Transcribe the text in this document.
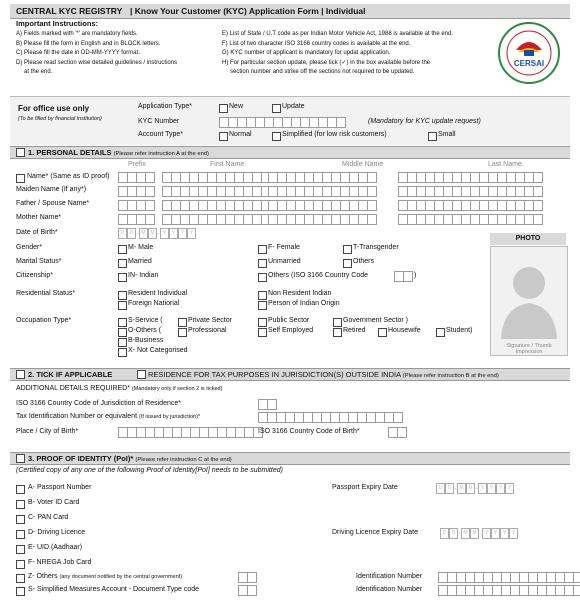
CENTRAL KYC REGISTRY | Know Your Customer (KYC) Application Form | Individual
CERSAI
Important Instructions:
A) Fields marked with '*' are mandatory fields.
B) Please fill the form in English and in BLOCK letters.
C) Please fill the date in DD-MM-YYYY format.
D) Please read section wise detailed guidelines / instructions
at the end.
E) List of State / U.T code as per Indian Motor Vehicle Act, 1988 is available at the end.
F) List of two character ISO 3166 country codes is available at the end.
G) KYC number of applicant is mandatory for updat application.
H) For particular section update, please tick (✓) in the box available before the
section number and strike off the sections not required to be updated.
For office use only
(To be filled by financial institution)
Application Type*	New	Update
KYC Number	(Mandatory for KYC update request)
Account Type*	Normal	Simplified (for low risk customers)	Small
1. PERSONAL DETAILS (Please refer instruction A at the end)
Prefix	First Name	Middle Name	Last Name
Name* (Same as ID proof)
Maiden Name (If any*)
Father / Spouse Name*
Mother Name*
Date of Birth*	D	D - M M - Y	Y	Y	Y
PHOTO
Signature / Thumb Impression
Gender*	M- Male	F- Female	T-Transgender
Marital Status*	Married	Unmarried	Others
Citizenship*	IN- Indian	Others (ISO 3166 Country Code	)
Residential Status*	Resident Individual	Non Resident Indian
Foreign National	Person of Indian Origin
Occupation Type*	S-Service (	Private Sector	Public Sector	Government Sector )
O-Others (	Professional	Self Employed	Retired	Housewife	Student)
B-Business
X- Not Categorised
2. TICK IF APPLICABLE	RESIDENCE FOR TAX PURPOSES IN JURISDICTION(S) OUTSIDE INDIA (Please refer instruction B at the end)
ADDITIONAL DETAILS REQUIRED* (Mandatory only if section 2 is ticked)
ISO 3166 Country Code of Jurisdiction of Residence*
Tax Identification Number or equivalent (If issued by jurisdiction)*
Place / City of Birth*	ISO 3166 Country Code of Birth*
3. PROOF OF IDENTITY (PoI)* (Please refer instruction C at the end)
(Certified copy of any one of the following Proof of Identity[PoI] needs to be submitted)
A- Passport Number	Passport Expiry Date	D	D - M M - Y	Y	Y	Y
B- Voter ID Card
C- PAN Card
D- Driving Licence	Driving Licence Expiry Date	D	D - M M - Y	Y	Y	Y
E- UID (Aadhaar)
F- NREGA Job Card
Z- Others (any document notified by the central government)	Identification Number
S- Simplified Measures Account - Document Type code	Identification Number
